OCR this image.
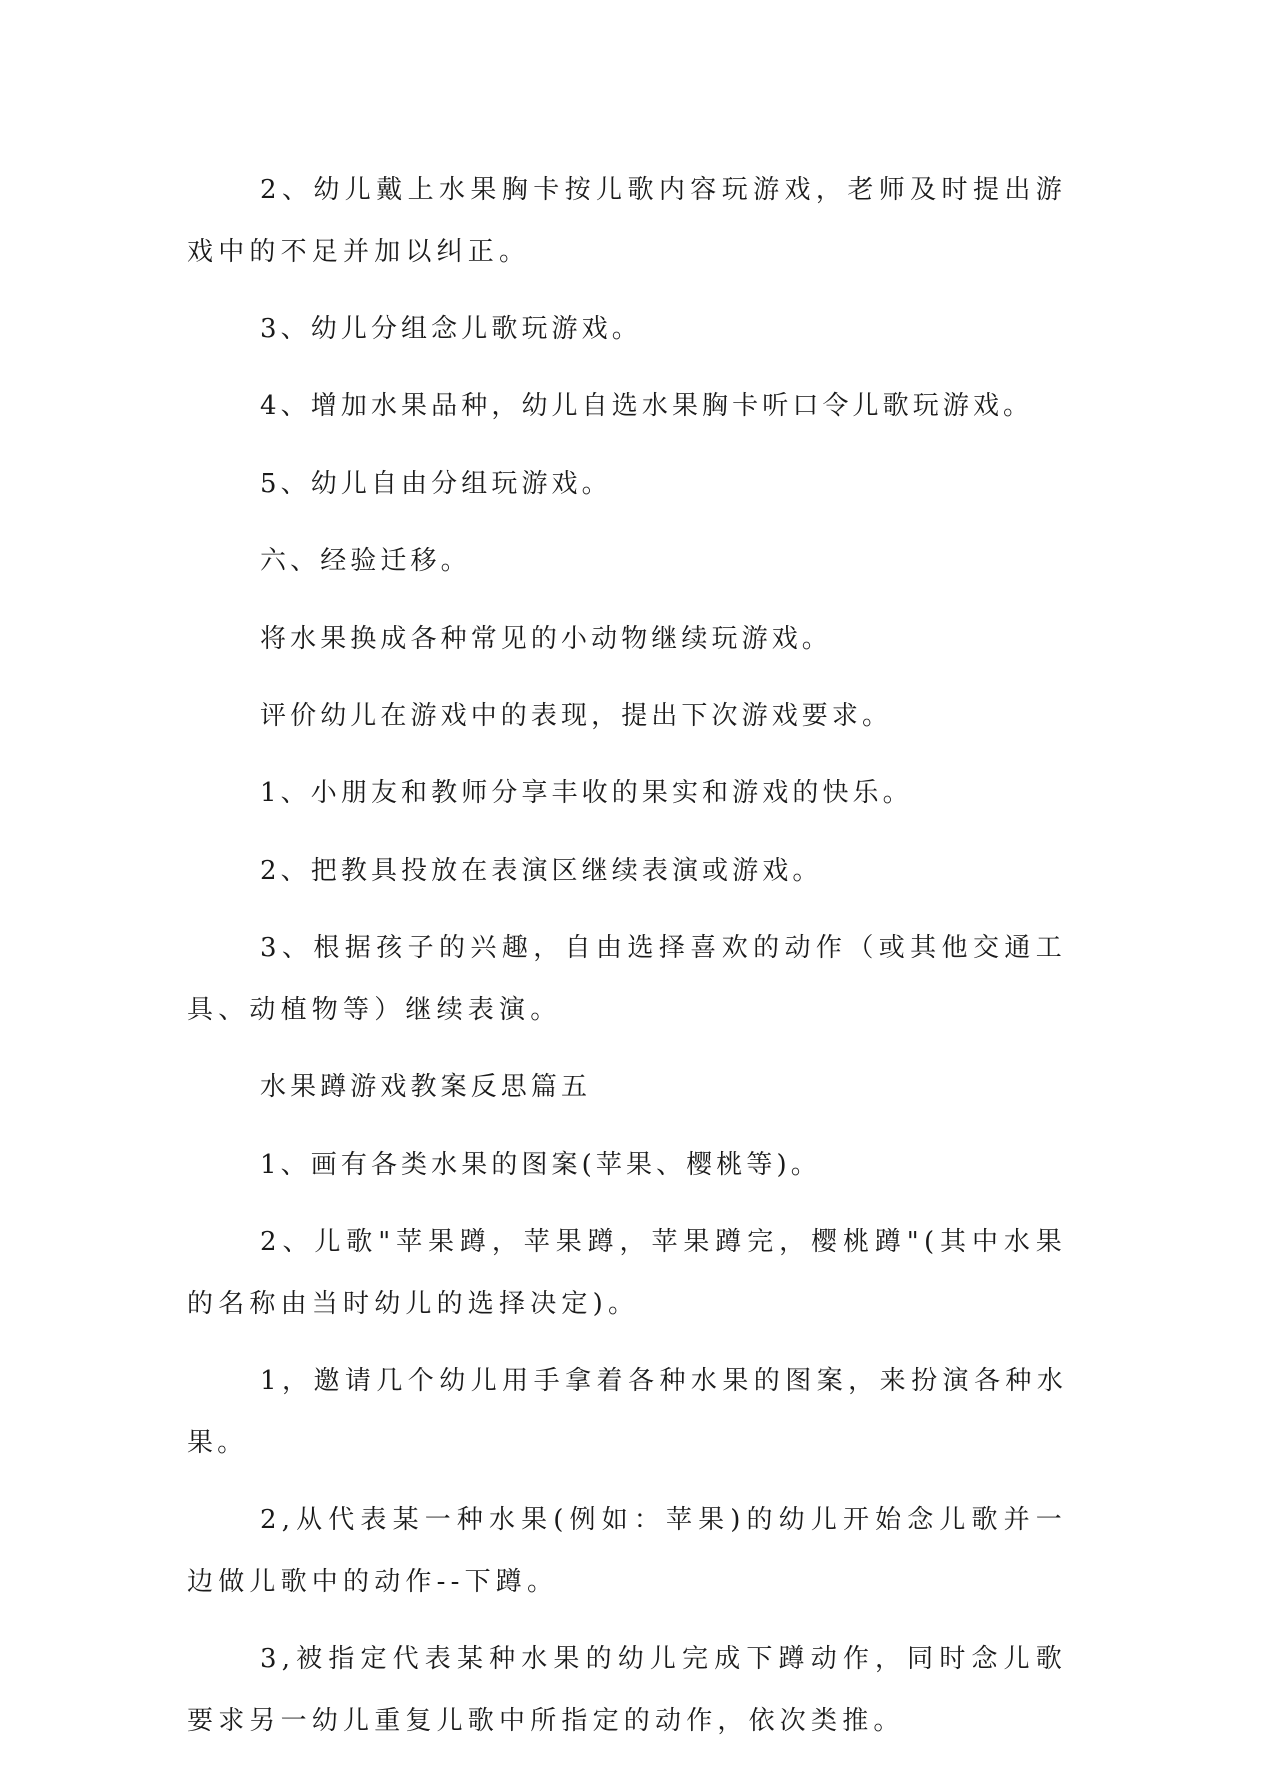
2、幼儿戴上水果胸卡按儿歌内容玩游戏，老师及时提出游戏中的不足并加以纠正。

3、幼儿分组念儿歌玩游戏。

4、增加水果品种，幼儿自选水果胸卡听口令儿歌玩游戏。

5、幼儿自由分组玩游戏。

六、经验迁移。

将水果换成各种常见的小动物继续玩游戏。

评价幼儿在游戏中的表现，提出下次游戏要求。

1、小朋友和教师分享丰收的果实和游戏的快乐。

2、把教具投放在表演区继续表演或游戏。

3、根据孩子的兴趣，自由选择喜欢的动作（或其他交通工具、动植物等）继续表演。

水果蹲游戏教案反思篇五

1、画有各类水果的图案(苹果、樱桃等)。

2、儿歌"苹果蹲，苹果蹲，苹果蹲完，樱桃蹲"(其中水果的名称由当时幼儿的选择决定)。

1，邀请几个幼儿用手拿着各种水果的图案，来扮演各种水果。

2,从代表某一种水果(例如：苹果)的幼儿开始念儿歌并一边做儿歌中的动作--下蹲。

3,被指定代表某种水果的幼儿完成下蹲动作，同时念儿歌要求另一幼儿重复儿歌中所指定的动作，依次类推。
